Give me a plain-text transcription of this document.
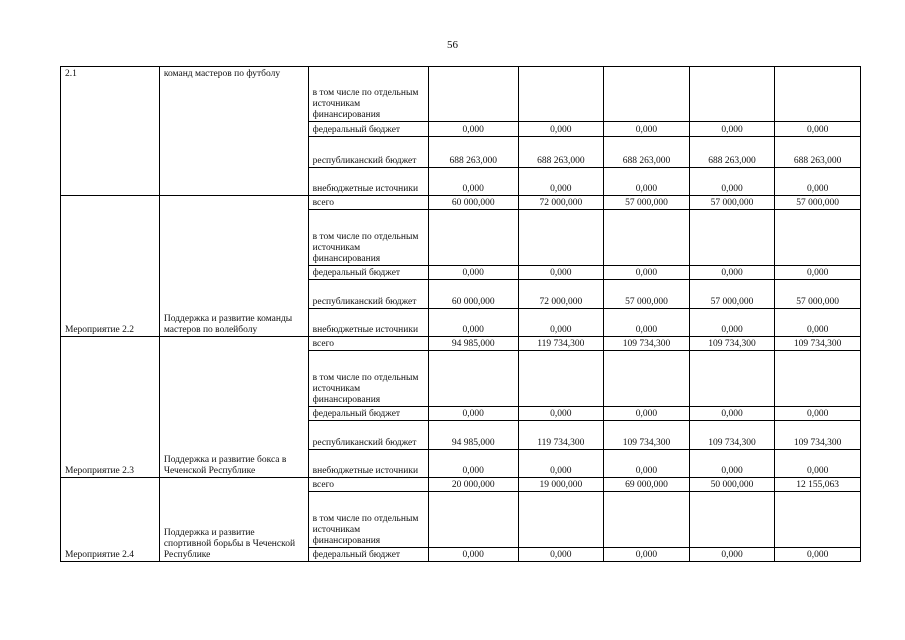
56
2.1	команд мастеров по футболу	в том числе по отдельным источникам финансирования					
		федеральный бюджет	0,000	0,000	0,000	0,000	0,000
		республиканский бюджет	688 263,000	688 263,000	688 263,000	688 263,000	688 263,000
		внебюджетные источники	0,000	0,000	0,000	0,000	0,000
Мероприятие 2.2	Поддержка и развитие команды мастеров по волейболу	всего	60 000,000	72 000,000	57 000,000	57 000,000	57 000,000
		в том числе по отдельным источникам финансирования					
		федеральный бюджет	0,000	0,000	0,000	0,000	0,000
		республиканский бюджет	60 000,000	72 000,000	57 000,000	57 000,000	57 000,000
		внебюджетные источники	0,000	0,000	0,000	0,000	0,000
Мероприятие 2.3	Поддержка и развитие бокса в Чеченской Республике	всего	94 985,000	119 734,300	109 734,300	109 734,300	109 734,300
		в том числе по отдельным источникам финансирования					
		федеральный бюджет	0,000	0,000	0,000	0,000	0,000
		республиканский бюджет	94 985,000	119 734,300	109 734,300	109 734,300	109 734,300
		внебюджетные источники	0,000	0,000	0,000	0,000	0,000
Мероприятие 2.4	Поддержка и развитие спортивной борьбы в Чеченской Республике	всего	20 000,000	19 000,000	69 000,000	50 000,000	12 155,063
		в том числе по отдельным источникам финансирования					
		федеральный бюджет	0,000	0,000	0,000	0,000	0,000
